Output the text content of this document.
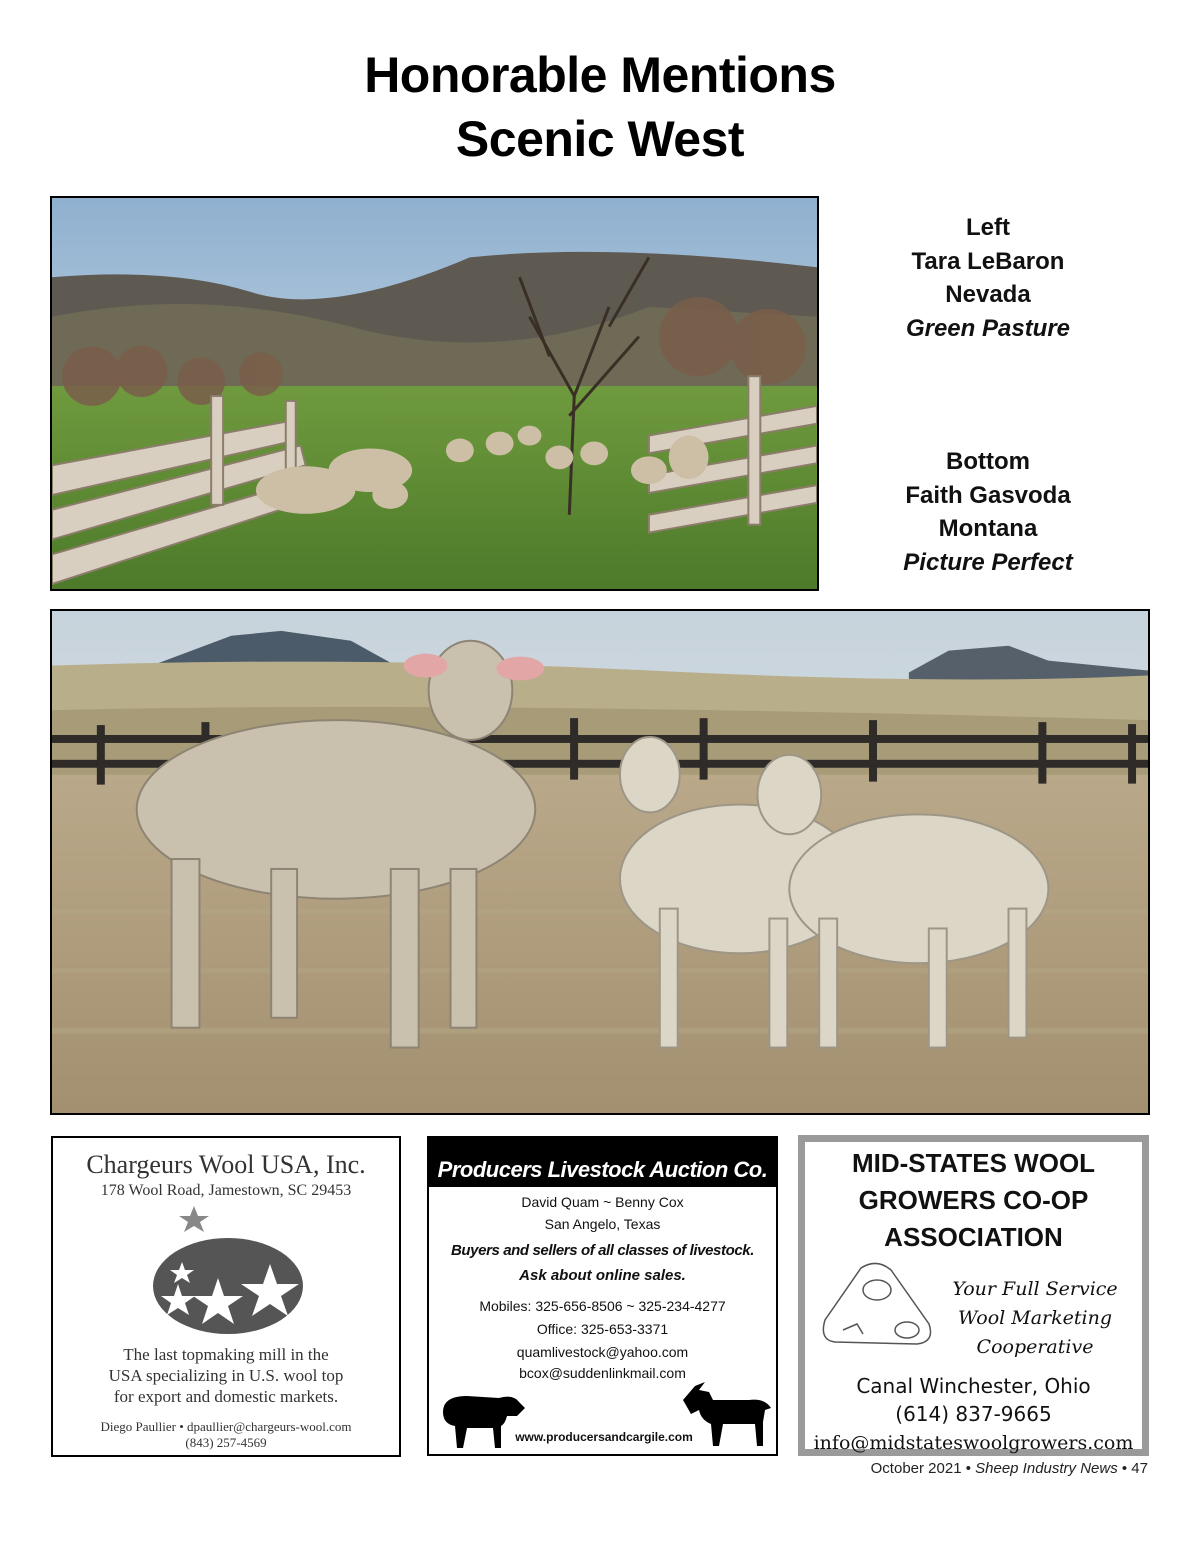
Honorable Mentions
Scenic West
Left
Tara LeBaron
Nevada
Green Pasture
Bottom
Faith Gasvoda
Montana
Picture Perfect
Chargeurs Wool USA, Inc.
178 Wool Road, Jamestown, SC 29453
The last topmaking mill in the
USA specializing in U.S. wool top
for export and domestic markets.
Diego Paullier • dpaullier@chargeurs-wool.com
(843) 257-4569
Producers Livestock Auction Co.
David Quam ~ Benny Cox
San Angelo, Texas
Buyers and sellers of all classes of livestock.
Ask about online sales.
Mobiles: 325-656-8506 ~ 325-234-4277
Office: 325-653-3371
quamlivestock@yahoo.com
bcox@suddenlinkmail.com
www.producersandcargile.com
MID-STATES WOOL
GROWERS CO-OP
ASSOCIATION
Your Full Service
Wool Marketing
Cooperative
Canal Winchester, Ohio
(614) 837-9665
info@midstateswoolgrowers.com
October 2021 • Sheep Industry News • 47
